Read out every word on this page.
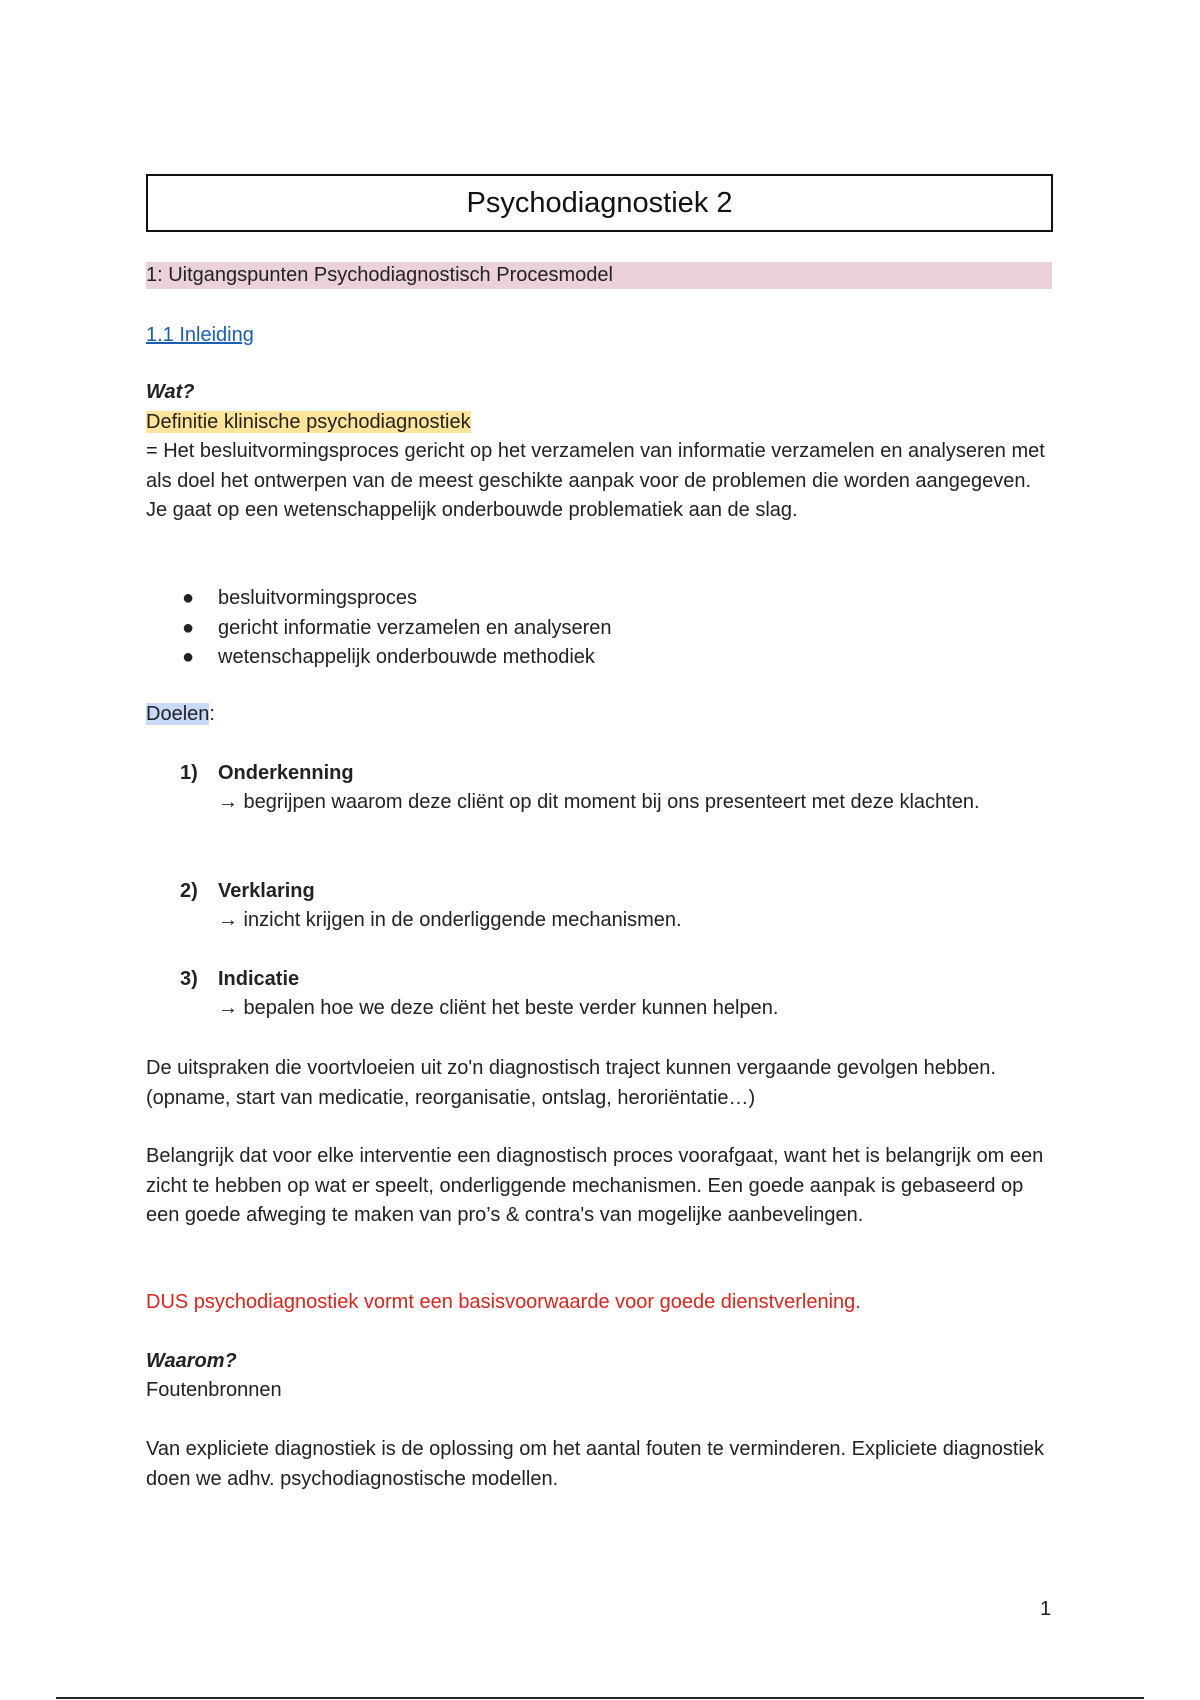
Psychodiagnostiek 2
1: Uitgangspunten Psychodiagnostisch Procesmodel
1.1 Inleiding
Wat?
Definitie klinische psychodiagnostiek
= Het besluitvormingsproces gericht op het verzamelen van informatie verzamelen en analyseren met als doel het ontwerpen van de meest geschikte aanpak voor de problemen die worden aangegeven. Je gaat op een wetenschappelijk onderbouwde problematiek aan de slag.
● besluitvormingsproces
● gericht informatie verzamelen en analyseren
● wetenschappelijk onderbouwde methodiek
Doelen:
1) Onderkenning
→ begrijpen waarom deze cliënt op dit moment bij ons presenteert met deze klachten.
2) Verklaring
→ inzicht krijgen in de onderliggende mechanismen.
3) Indicatie
→ bepalen hoe we deze cliënt het beste verder kunnen helpen.
De uitspraken die voortvloeien uit zo'n diagnostisch traject kunnen vergaande gevolgen hebben. (opname, start van medicatie, reorganisatie, ontslag, heroriëntatie…)
Belangrijk dat voor elke interventie een diagnostisch proces voorafgaat, want het is belangrijk om een zicht te hebben op wat er speelt, onderliggende mechanismen. Een goede aanpak is gebaseerd op een goede afweging te maken van pro’s & contra's van mogelijke aanbevelingen.
DUS psychodiagnostiek vormt een basisvoorwaarde voor goede dienstverlening.
Waarom?
Foutenbronnen
Van expliciete diagnostiek is de oplossing om het aantal fouten te verminderen. Expliciete diagnostiek doen we adhv. psychodiagnostische modellen.
1
